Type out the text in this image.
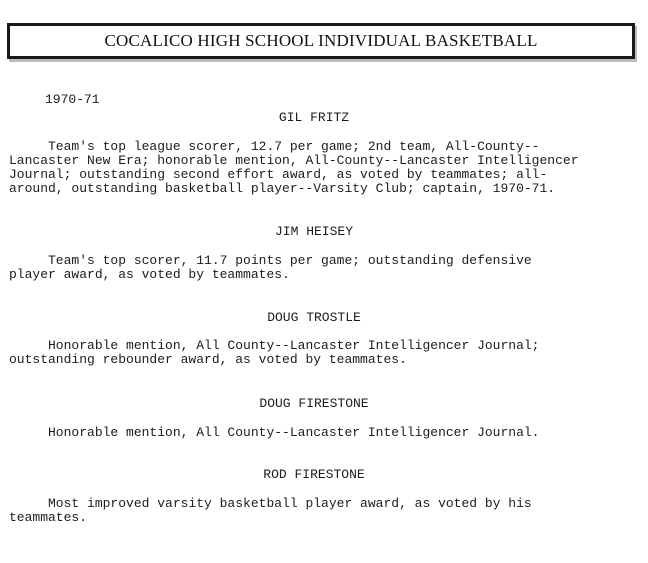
COCALICO HIGH SCHOOL INDIVIDUAL BASKETBALL
1970-71
GIL FRITZ
Team's top league scorer, 12.7 per game; 2nd team, All-County--
Lancaster New Era; honorable mention, All-County--Lancaster Intelligencer
Journal; outstanding second effort award, as voted by teammates; all-
around, outstanding basketball player--Varsity Club; captain, 1970-71.
JIM HEISEY
Team's top scorer, 11.7 points per game; outstanding defensive
player award, as voted by teammates.
DOUG TROSTLE
Honorable mention, All County--Lancaster Intelligencer Journal;
outstanding rebounder award, as voted by teammates.
DOUG FIRESTONE
Honorable mention, All County--Lancaster Intelligencer Journal.
ROD FIRESTONE
Most improved varsity basketball player award, as voted by his
teammates.
